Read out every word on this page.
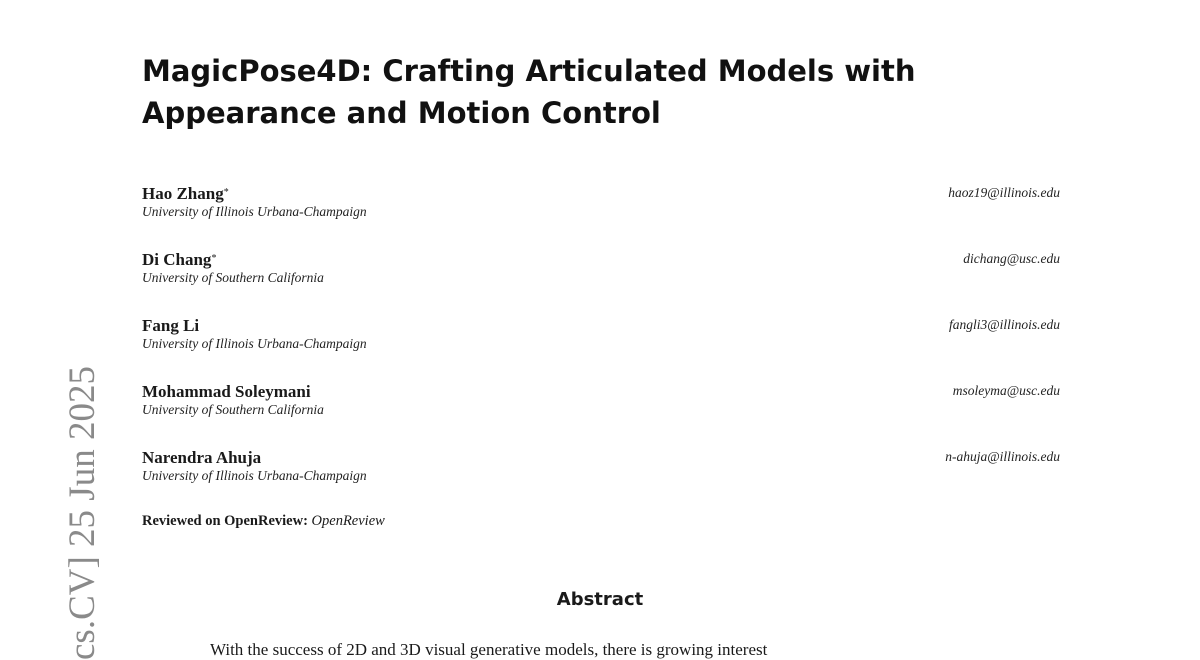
cs.CV] 25 Jun 2025
MagicPose4D: Crafting Articulated Models with Appearance and Motion Control
Hao Zhang*
University of Illinois Urbana-Champaign
haoz19@illinois.edu
Di Chang*
University of Southern California
dichang@usc.edu
Fang Li
University of Illinois Urbana-Champaign
fangli3@illinois.edu
Mohammad Soleymani
University of Southern California
msoleyma@usc.edu
Narendra Ahuja
University of Illinois Urbana-Champaign
n-ahuja@illinois.edu
Reviewed on OpenReview: OpenReview
Abstract
With the success of 2D and 3D visual generative models, there is growing interest
